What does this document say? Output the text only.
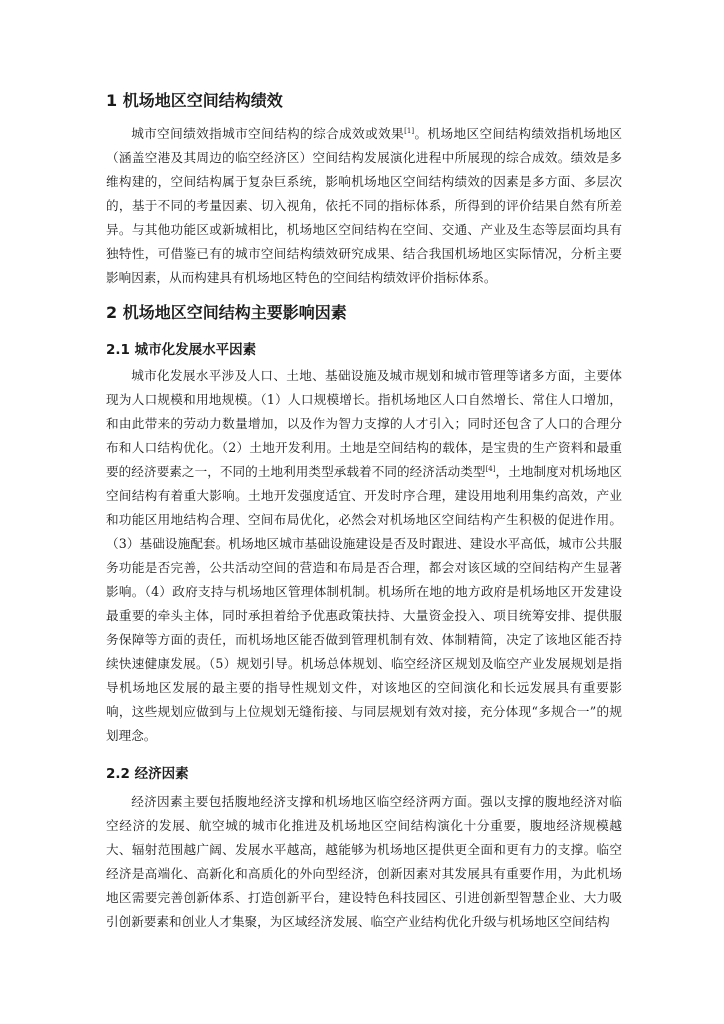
1 机场地区空间结构绩效

城市空间绩效指城市空间结构的综合成效或效果[1]。机场地区空间结构绩效指机场地区（涵盖空港及其周边的临空经济区）空间结构发展演化进程中所展现的综合成效。绩效是多维构建的，空间结构属于复杂巨系统，影响机场地区空间结构绩效的因素是多方面、多层次的，基于不同的考量因素、切入视角，依托不同的指标体系，所得到的评价结果自然有所差异。与其他功能区或新城相比，机场地区空间结构在空间、交通、产业及生态等层面均具有独特性，可借鉴已有的城市空间结构绩效研究成果、结合我国机场地区实际情况，分析主要影响因素，从而构建具有机场地区特色的空间结构绩效评价指标体系。

2 机场地区空间结构主要影响因素
2.1 城市化发展水平因素

城市化发展水平涉及人口、土地、基础设施及城市规划和城市管理等诸多方面，主要体现为人口规模和用地规模。（1）人口规模增长。指机场地区人口自然增长、常住人口增加，和由此带来的劳动力数量增加，以及作为智力支撑的人才引入；同时还包含了人口的合理分布和人口结构优化。（2）土地开发利用。土地是空间结构的载体，是宝贵的生产资料和最重要的经济要素之一，不同的土地利用类型承载着不同的经济活动类型[4]，土地制度对机场地区空间结构有着重大影响。土地开发强度适宜、开发时序合理，建设用地利用集约高效，产业和功能区用地结构合理、空间布局优化，必然会对机场地区空间结构产生积极的促进作用。（3）基础设施配套。机场地区城市基础设施建设是否及时跟进、建设水平高低，城市公共服务功能是否完善，公共活动空间的营造和布局是否合理，都会对该区域的空间结构产生显著影响。（4）政府支持与机场地区管理体制机制。机场所在地的地方政府是机场地区开发建设最重要的牵头主体，同时承担着给予优惠政策扶持、大量资金投入、项目统筹安排、提供服务保障等方面的责任，而机场地区能否做到管理机制有效、体制精简，决定了该地区能否持续快速健康发展。（5）规划引导。机场总体规划、临空经济区规划及临空产业发展规划是指导机场地区发展的最主要的指导性规划文件，对该地区的空间演化和长远发展具有重要影响，这些规划应做到与上位规划无缝衔接、与同层规划有效对接，充分体现“多规合一”的规划理念。

2.2 经济因素

经济因素主要包括腹地经济支撑和机场地区临空经济两方面。强以支撑的腹地经济对临空经济的发展、航空城的城市化推进及机场地区空间结构演化十分重要，腹地经济规模越大、辐射范围越广阔、发展水平越高，越能够为机场地区提供更全面和更有力的支撑。临空经济是高端化、高新化和高质化的外向型经济，创新因素对其发展具有重要作用，为此机场地区需要完善创新体系、打造创新平台，建设特色科技园区、引进创新型智慧企业、大力吸引创新要素和创业人才集聚，为区域经济发展、临空产业结构优化升级与机场地区空间结构
